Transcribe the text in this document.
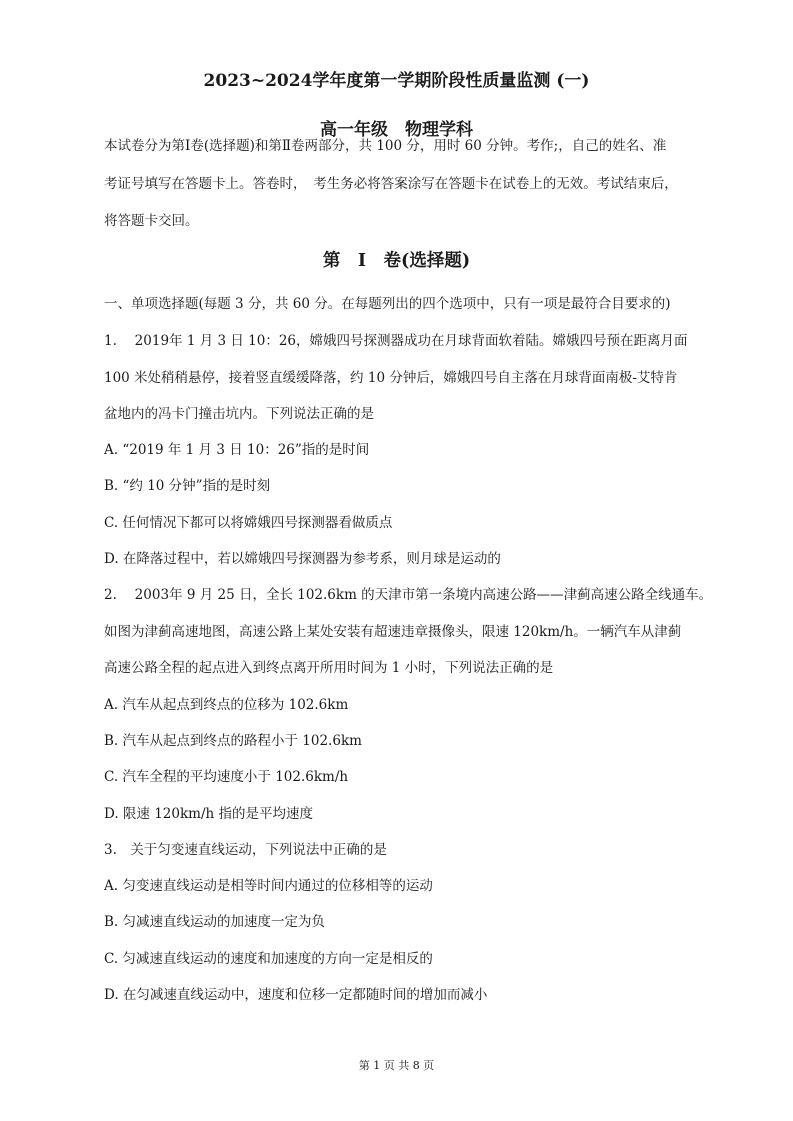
2023~2024学年度第一学期阶段性质量监测 (一)
高一年级　物理学科
本试卷分为第Ⅰ卷(选择题)和第Ⅱ卷两部分，共 100 分，用时 60 分钟。考作;，自己的姓名、准
考证号填写在答题卡上。答卷时，　考生务必将答案涂写在答题卡在试卷上的无效。考试结束后，
将答题卡交回。
第　Ⅰ　卷(选择题)
一、单项选择题(每题 3 分，共 60 分。在每题列出的四个选项中，只有一项是最符合目要求的)
1.　 2019年 1 月 3 日 10：26，嫦娥四号探测器成功在月球背面软着陆。嫦娥四号预在距离月面
100 米处稍稍悬停，接着竖直缓缓降落，约 10 分钟后，嫦娥四号自主落在月球背面南极-艾特肯
盆地内的冯卡门撞击坑内。下列说法正确的是
A. “2019 年 1 月 3 日 10：26”指的是时间
B. “约 10 分钟”指的是时刻
C. 任何情况下都可以将嫦娥四号探测器看做质点
D. 在降落过程中，若以嫦娥四号探测器为参考系，则月球是运动的
2.　 2003年 9 月 25 日，全长 102.6km 的天津市第一条境内高速公路——津蓟高速公路全线通车。
如图为津蓟高速地图，高速公路上某处安装有超速违章摄像头，限速 120km/h。一辆汽车从津蓟
高速公路全程的起点进入到终点离开所用时间为 1 小时，下列说法正确的是
A. 汽车从起点到终点的位移为 102.6km
B. 汽车从起点到终点的路程小于 102.6km
C. 汽车全程的平均速度小于 102.6km/h
D. 限速 120km/h 指的是平均速度
3.　关于匀变速直线运动，下列说法中正确的是
A. 匀变速直线运动是相等时间内通过的位移相等的运动
B. 匀减速直线运动的加速度一定为负
C. 匀减速直线运动的速度和加速度的方向一定是相反的
D. 在匀减速直线运动中，速度和位移一定都随时间的增加而减小
第 1 页 共 8 页
